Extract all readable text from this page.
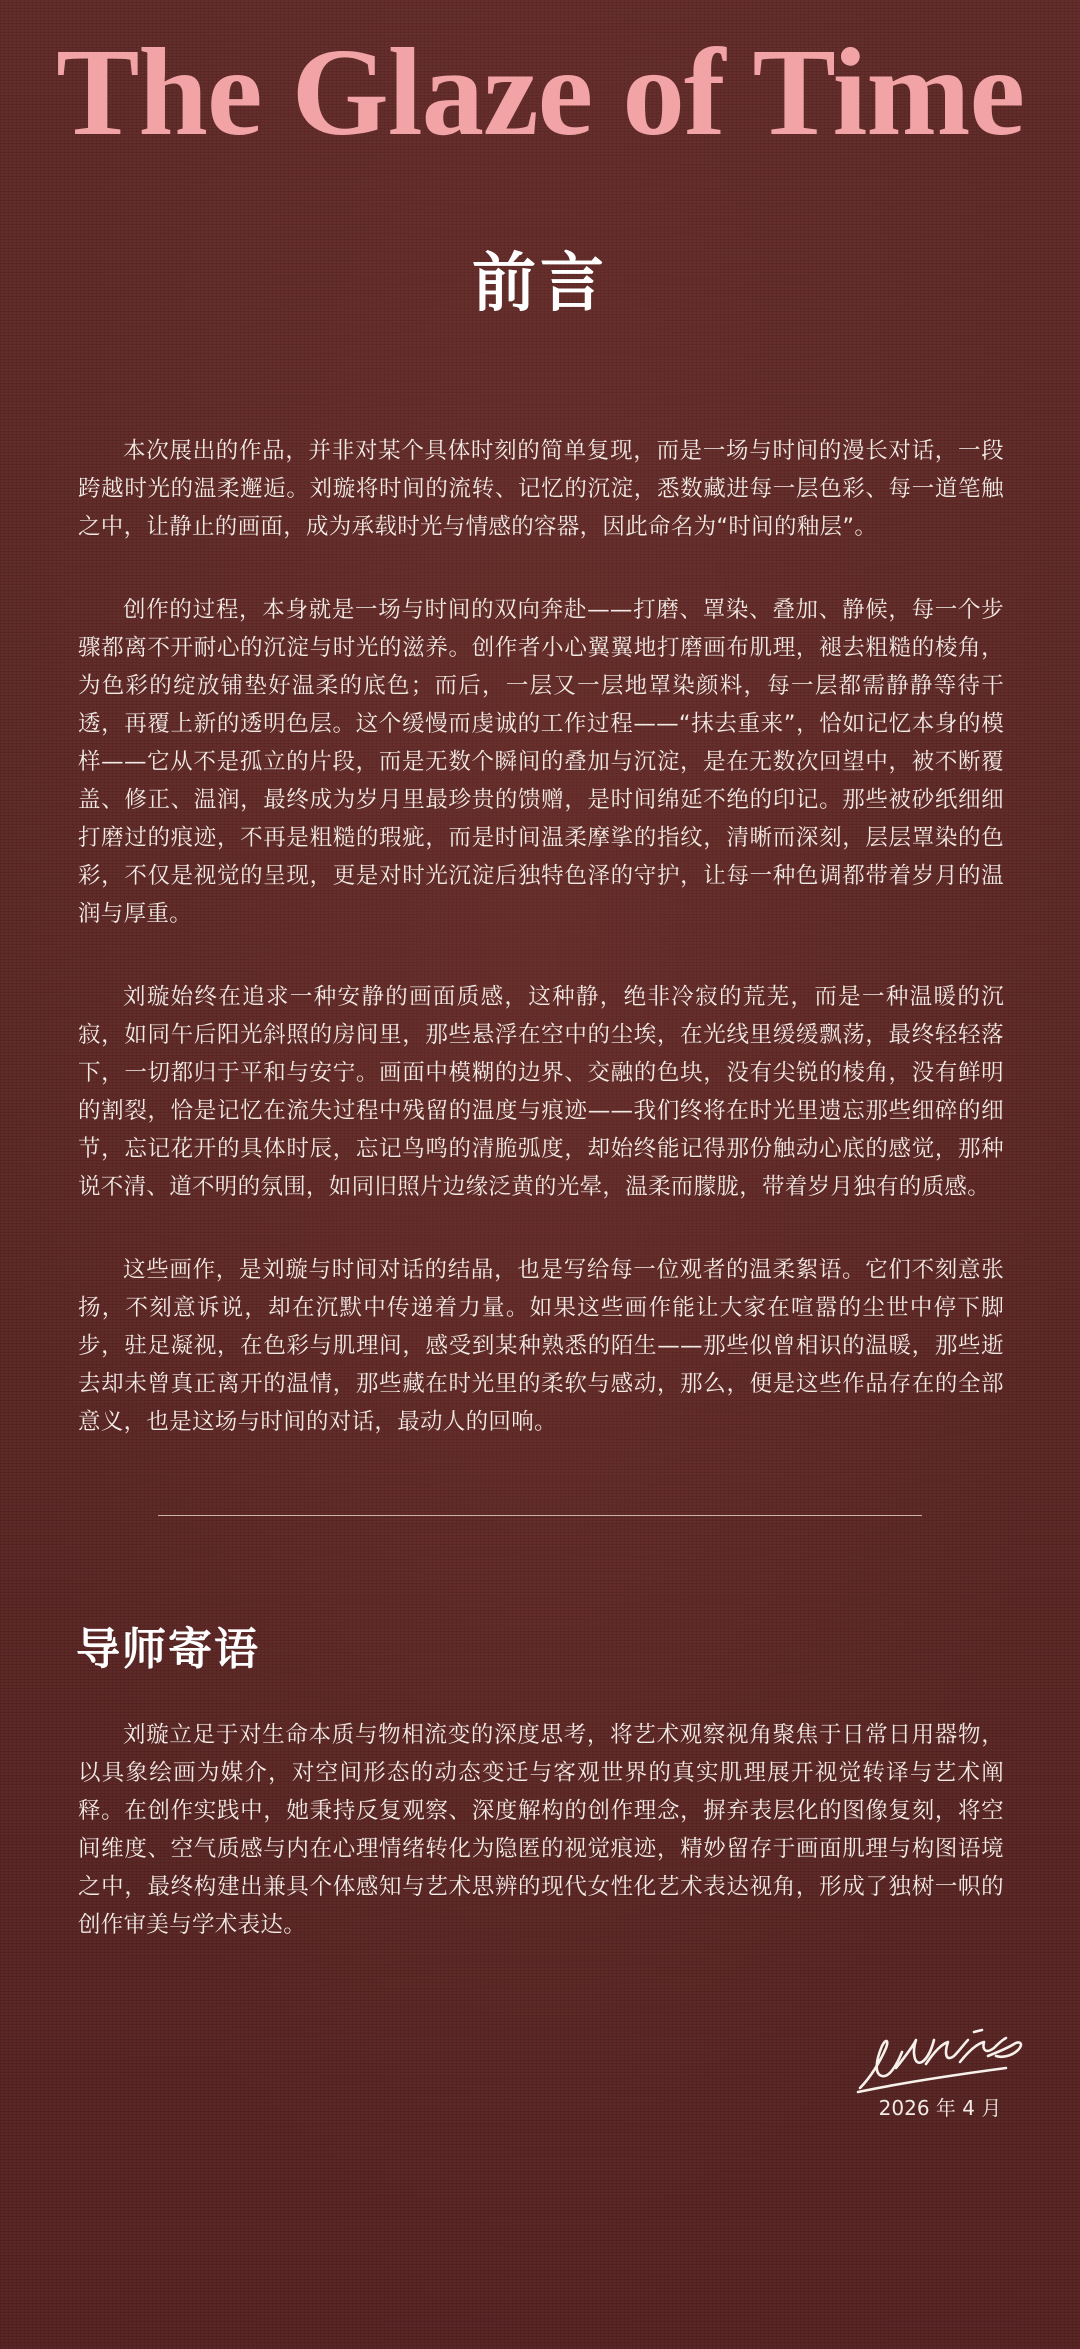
The Glaze of Time
前言

本次展出的作品，并非对某个具体时刻的简单复现，而是一场与时间的漫长对话，一段跨越时光的温柔邂逅。刘璇将时间的流转、记忆的沉淀，悉数藏进每一层色彩、每一道笔触之中，让静止的画面，成为承载时光与情感的容器，因此命名为“时间的釉层”。

创作的过程，本身就是一场与时间的双向奔赴——打磨、罩染、叠加、静候，每一个步骤都离不开耐心的沉淀与时光的滋养。创作者小心翼翼地打磨画布肌理，褪去粗糙的棱角，为色彩的绽放铺垫好温柔的底色；而后，一层又一层地罩染颜料，每一层都需静静等待干透，再覆上新的透明色层。这个缓慢而虔诚的工作过程——“抹去重来”，恰如记忆本身的模样——它从不是孤立的片段，而是无数个瞬间的叠加与沉淀，是在无数次回望中，被不断覆盖、修正、温润，最终成为岁月里最珍贵的馈赠，是时间绵延不绝的印记。那些被砂纸细细打磨过的痕迹，不再是粗糙的瑕疵，而是时间温柔摩挲的指纹，清晰而深刻，层层罩染的色彩，不仅是视觉的呈现，更是对时光沉淀后独特色泽的守护，让每一种色调都带着岁月的温润与厚重。

刘璇始终在追求一种安静的画面质感，这种静，绝非冷寂的荒芜，而是一种温暖的沉寂，如同午后阳光斜照的房间里，那些悬浮在空中的尘埃，在光线里缓缓飘荡，最终轻轻落下，一切都归于平和与安宁。画面中模糊的边界、交融的色块，没有尖锐的棱角，没有鲜明的割裂，恰是记忆在流失过程中残留的温度与痕迹——我们终将在时光里遗忘那些细碎的细节，忘记花开的具体时辰，忘记鸟鸣的清脆弧度，却始终能记得那份触动心底的感觉，那种说不清、道不明的氛围，如同旧照片边缘泛黄的光晕，温柔而朦胧，带着岁月独有的质感。

这些画作，是刘璇与时间对话的结晶，也是写给每一位观者的温柔絮语。它们不刻意张扬，不刻意诉说，却在沉默中传递着力量。如果这些画作能让大家在喧嚣的尘世中停下脚步，驻足凝视，在色彩与肌理间，感受到某种熟悉的陌生——那些似曾相识的温暖，那些逝去却未曾真正离开的温情，那些藏在时光里的柔软与感动，那么，便是这些作品存在的全部意义，也是这场与时间的对话，最动人的回响。

导师寄语

刘璇立足于对生命本质与物相流变的深度思考，将艺术观察视角聚焦于日常日用器物，以具象绘画为媒介，对空间形态的动态变迁与客观世界的真实肌理展开视觉转译与艺术阐释。在创作实践中，她秉持反复观察、深度解构的创作理念，摒弃表层化的图像复刻，将空间维度、空气质感与内在心理情绪转化为隐匿的视觉痕迹，精妙留存于画面肌理与构图语境之中，最终构建出兼具个体感知与艺术思辨的现代女性化艺术表达视角，形成了独树一帜的创作审美与学术表达。

2026 年 4 月
